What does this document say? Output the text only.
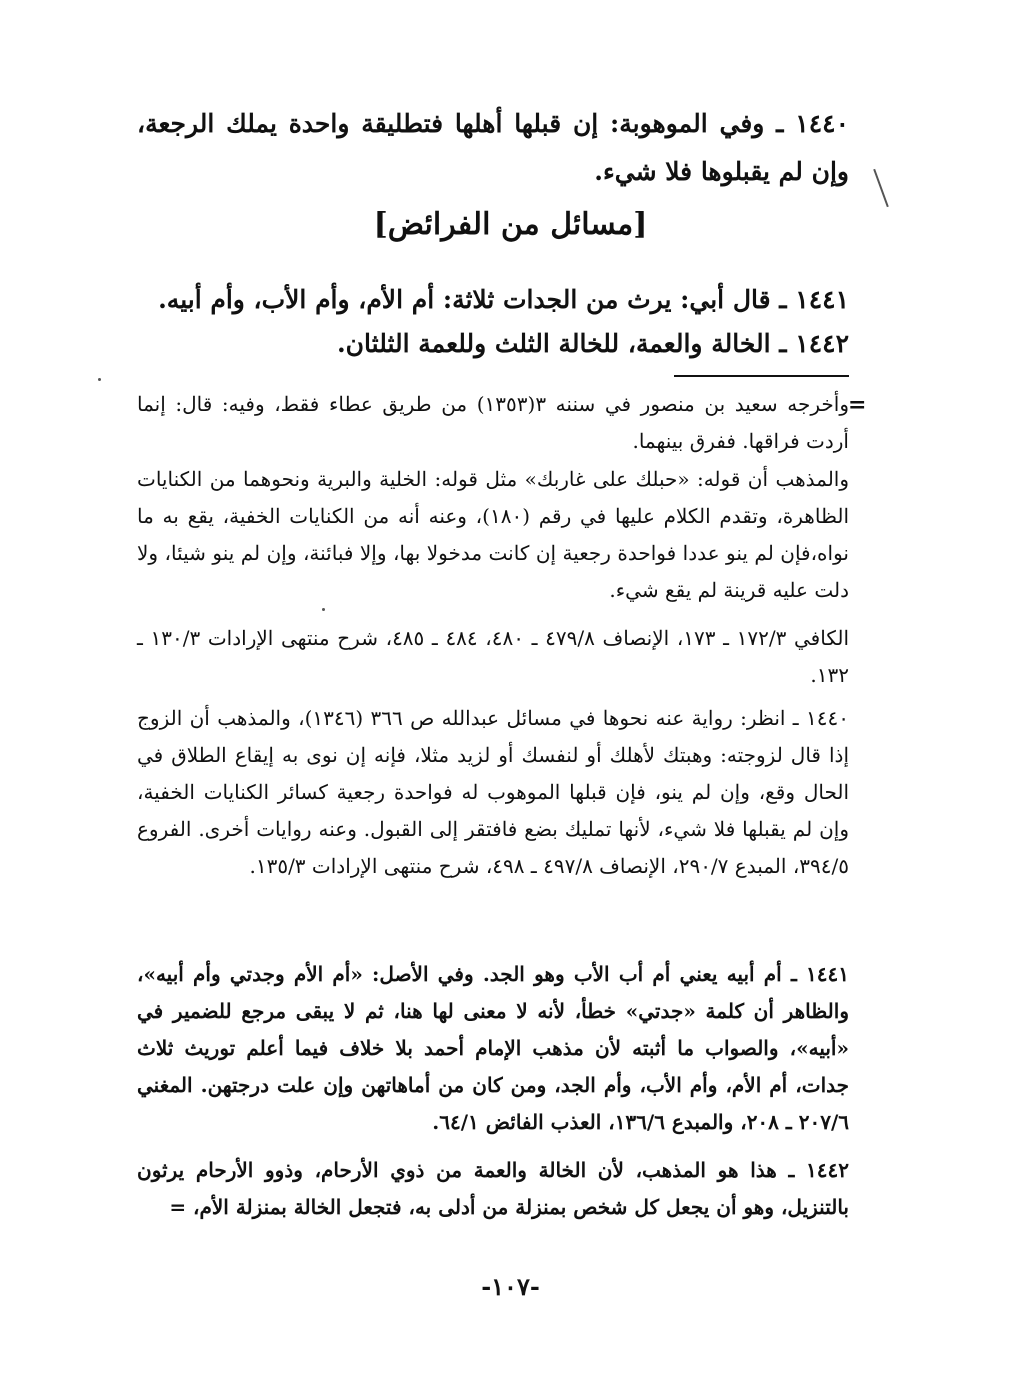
١٤٤٠ ـ وفي الموهوبة: إن قبلها أهلها فتطليقة واحدة يملك الرجعة، وإن لم يقبلوها فلا شيء.
[مسائل من الفرائض]
١٤٤١ ـ قال أبي: يرث من الجدات ثلاثة: أم الأم، وأم الأب، وأم أبيه.
١٤٤٢ ـ الخالة والعمة، للخالة الثلث وللعمة الثلثان.
=
وأخرجه سعيد بن منصور في سننه ٣(١٣٥٣) من طريق عطاء فقط، وفيه: قال: إنما أردت فراقها. ففرق بينهما.
والمذهب أن قوله: «حبلك على غاربك» مثل قوله: الخلية والبرية ونحوهما من الكنايات الظاهرة، وتقدم الكلام عليها في رقم (١٨٠)، وعنه أنه من الكنايات الخفية، يقع به ما نواه،فإن لم ينو عددا فواحدة رجعية إن كانت مدخولا بها، وإلا فبائنة، وإن لم ينو شيئا، ولا دلت عليه قرينة لم يقع شيء.
الكافي ١٧٢/٣ ـ ١٧٣، الإنصاف ٤٧٩/٨ ـ ٤٨٠، ٤٨٤ ـ ٤٨٥، شرح منتهى الإرادات ١٣٠/٣ ـ ١٣٢.
١٤٤٠ ـ انظر: رواية عنه نحوها في مسائل عبدالله ص ٣٦٦ (١٣٤٦)، والمذهب أن الزوج إذا قال لزوجته: وهبتك لأهلك أو لنفسك أو لزيد مثلا، فإنه إن نوى به إيقاع الطلاق في الحال وقع، وإن لم ينو، فإن قبلها الموهوب له فواحدة رجعية كسائر الكنايات الخفية، وإن لم يقبلها فلا شيء، لأنها تمليك بضع فافتقر إلى القبول. وعنه روايات أخرى. الفروع ٣٩٤/٥، المبدع ٢٩٠/٧، الإنصاف ٤٩٧/٨ ـ ٤٩٨، شرح منتهى الإرادات ١٣٥/٣.
١٤٤١ ـ أم أبيه يعني أم أب الأب وهو الجد. وفي الأصل: «أم الأم وجدتي وأم أبيه»، والظاهر أن كلمة «جدتي» خطأ، لأنه لا معنى لها هنا، ثم لا يبقى مرجع للضمير في «أبيه»، والصواب ما أثبته لأن مذهب الإمام أحمد بلا خلاف فيما أعلم توريث ثلاث جدات، أم الأم، وأم الأب، وأم الجد، ومن كان من أماهاتهن وإن علت درجتهن. المغني ٢٠٧/٦ ـ ٢٠٨، والمبدع ١٣٦/٦، العذب الفائض ٦٤/١.
١٤٤٢ ـ هذا هو المذهب، لأن الخالة والعمة من ذوي الأرحام، وذوو الأرحام يرثون بالتنزيل، وهو أن يجعل كل شخص بمنزلة من أدلى به، فتجعل الخالة بمنزلة الأم، =
-١٠٧-
